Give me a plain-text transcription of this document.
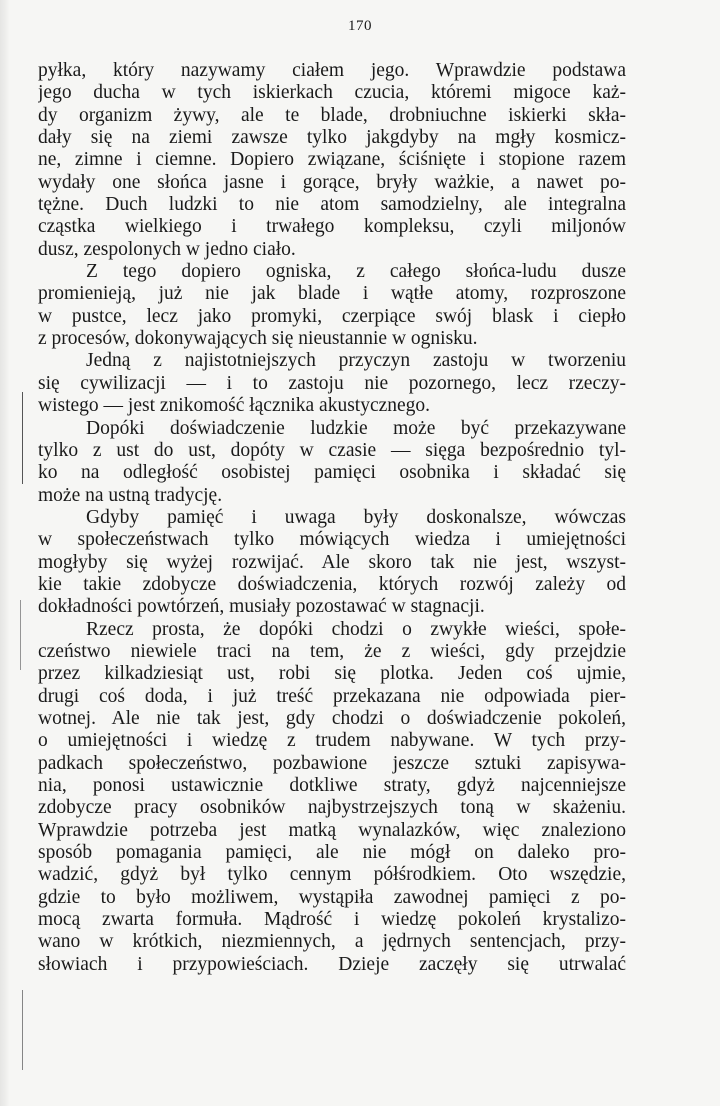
170
pyłka, który nazywamy ciałem jego. Wprawdzie podstawa
jego ducha w tych iskierkach czucia, któremi migoce każ-
dy organizm żywy, ale te blade, drobniuchne iskierki skła-
dały się na ziemi zawsze tylko jakgdyby na mgły kosmicz-
ne, zimne i ciemne. Dopiero związane, ściśnięte i stopione razem
wydały one słońca jasne i gorące, bryły ważkie, a nawet po-
tężne. Duch ludzki to nie atom samodzielny, ale integralna
cząstka wielkiego i trwałego kompleksu, czyli miljonów
dusz, zespolonych w jedno ciało.
Z tego dopiero ogniska, z całego słońca-ludu dusze
promienieją, już nie jak blade i wątłe atomy, rozproszone
w pustce, lecz jako promyki, czerpiące swój blask i ciepło
z procesów, dokonywających się nieustannie w ognisku.
Jedną z najistotniejszych przyczyn zastoju w tworzeniu
się cywilizacji — i to zastoju nie pozornego, lecz rzeczy-
wistego — jest znikomość łącznika akustycznego.
Dopóki doświadczenie ludzkie może być przekazywane
tylko z ust do ust, dopóty w czasie — sięga bezpośrednio tyl-
ko na odległość osobistej pamięci osobnika i składać się
może na ustną tradycję.
Gdyby pamięć i uwaga były doskonalsze, wówczas
w społeczeństwach tylko mówiących wiedza i umiejętności
mogłyby się wyżej rozwijać. Ale skoro tak nie jest, wszyst-
kie takie zdobycze doświadczenia, których rozwój zależy od
dokładności powtórzeń, musiały pozostawać w stagnacji.
Rzecz prosta, że dopóki chodzi o zwykłe wieści, społe-
czeństwo niewiele traci na tem, że z wieści, gdy przejdzie
przez kilkadziesiąt ust, robi się plotka. Jeden coś ujmie,
drugi coś doda, i już treść przekazana nie odpowiada pier-
wotnej. Ale nie tak jest, gdy chodzi o doświadczenie pokoleń,
o umiejętności i wiedzę z trudem nabywane. W tych przy-
padkach społeczeństwo, pozbawione jeszcze sztuki zapisywa-
nia, ponosi ustawicznie dotkliwe straty, gdyż najcenniejsze
zdobycze pracy osobników najbystrzejszych toną w skażeniu.
Wprawdzie potrzeba jest matką wynalazków, więc znaleziono
sposób pomagania pamięci, ale nie mógł on daleko pro-
wadzić, gdyż był tylko cennym półśrodkiem. Oto wszędzie,
gdzie to było możliwem, wystąpiła zawodnej pamięci z po-
mocą zwarta formuła. Mądrość i wiedzę pokoleń krystalizo-
wano w krótkich, niezmiennych, a jędrnych sentencjach, przy-
słowiach i przypowieściach. Dzieje zaczęły się utrwalać
